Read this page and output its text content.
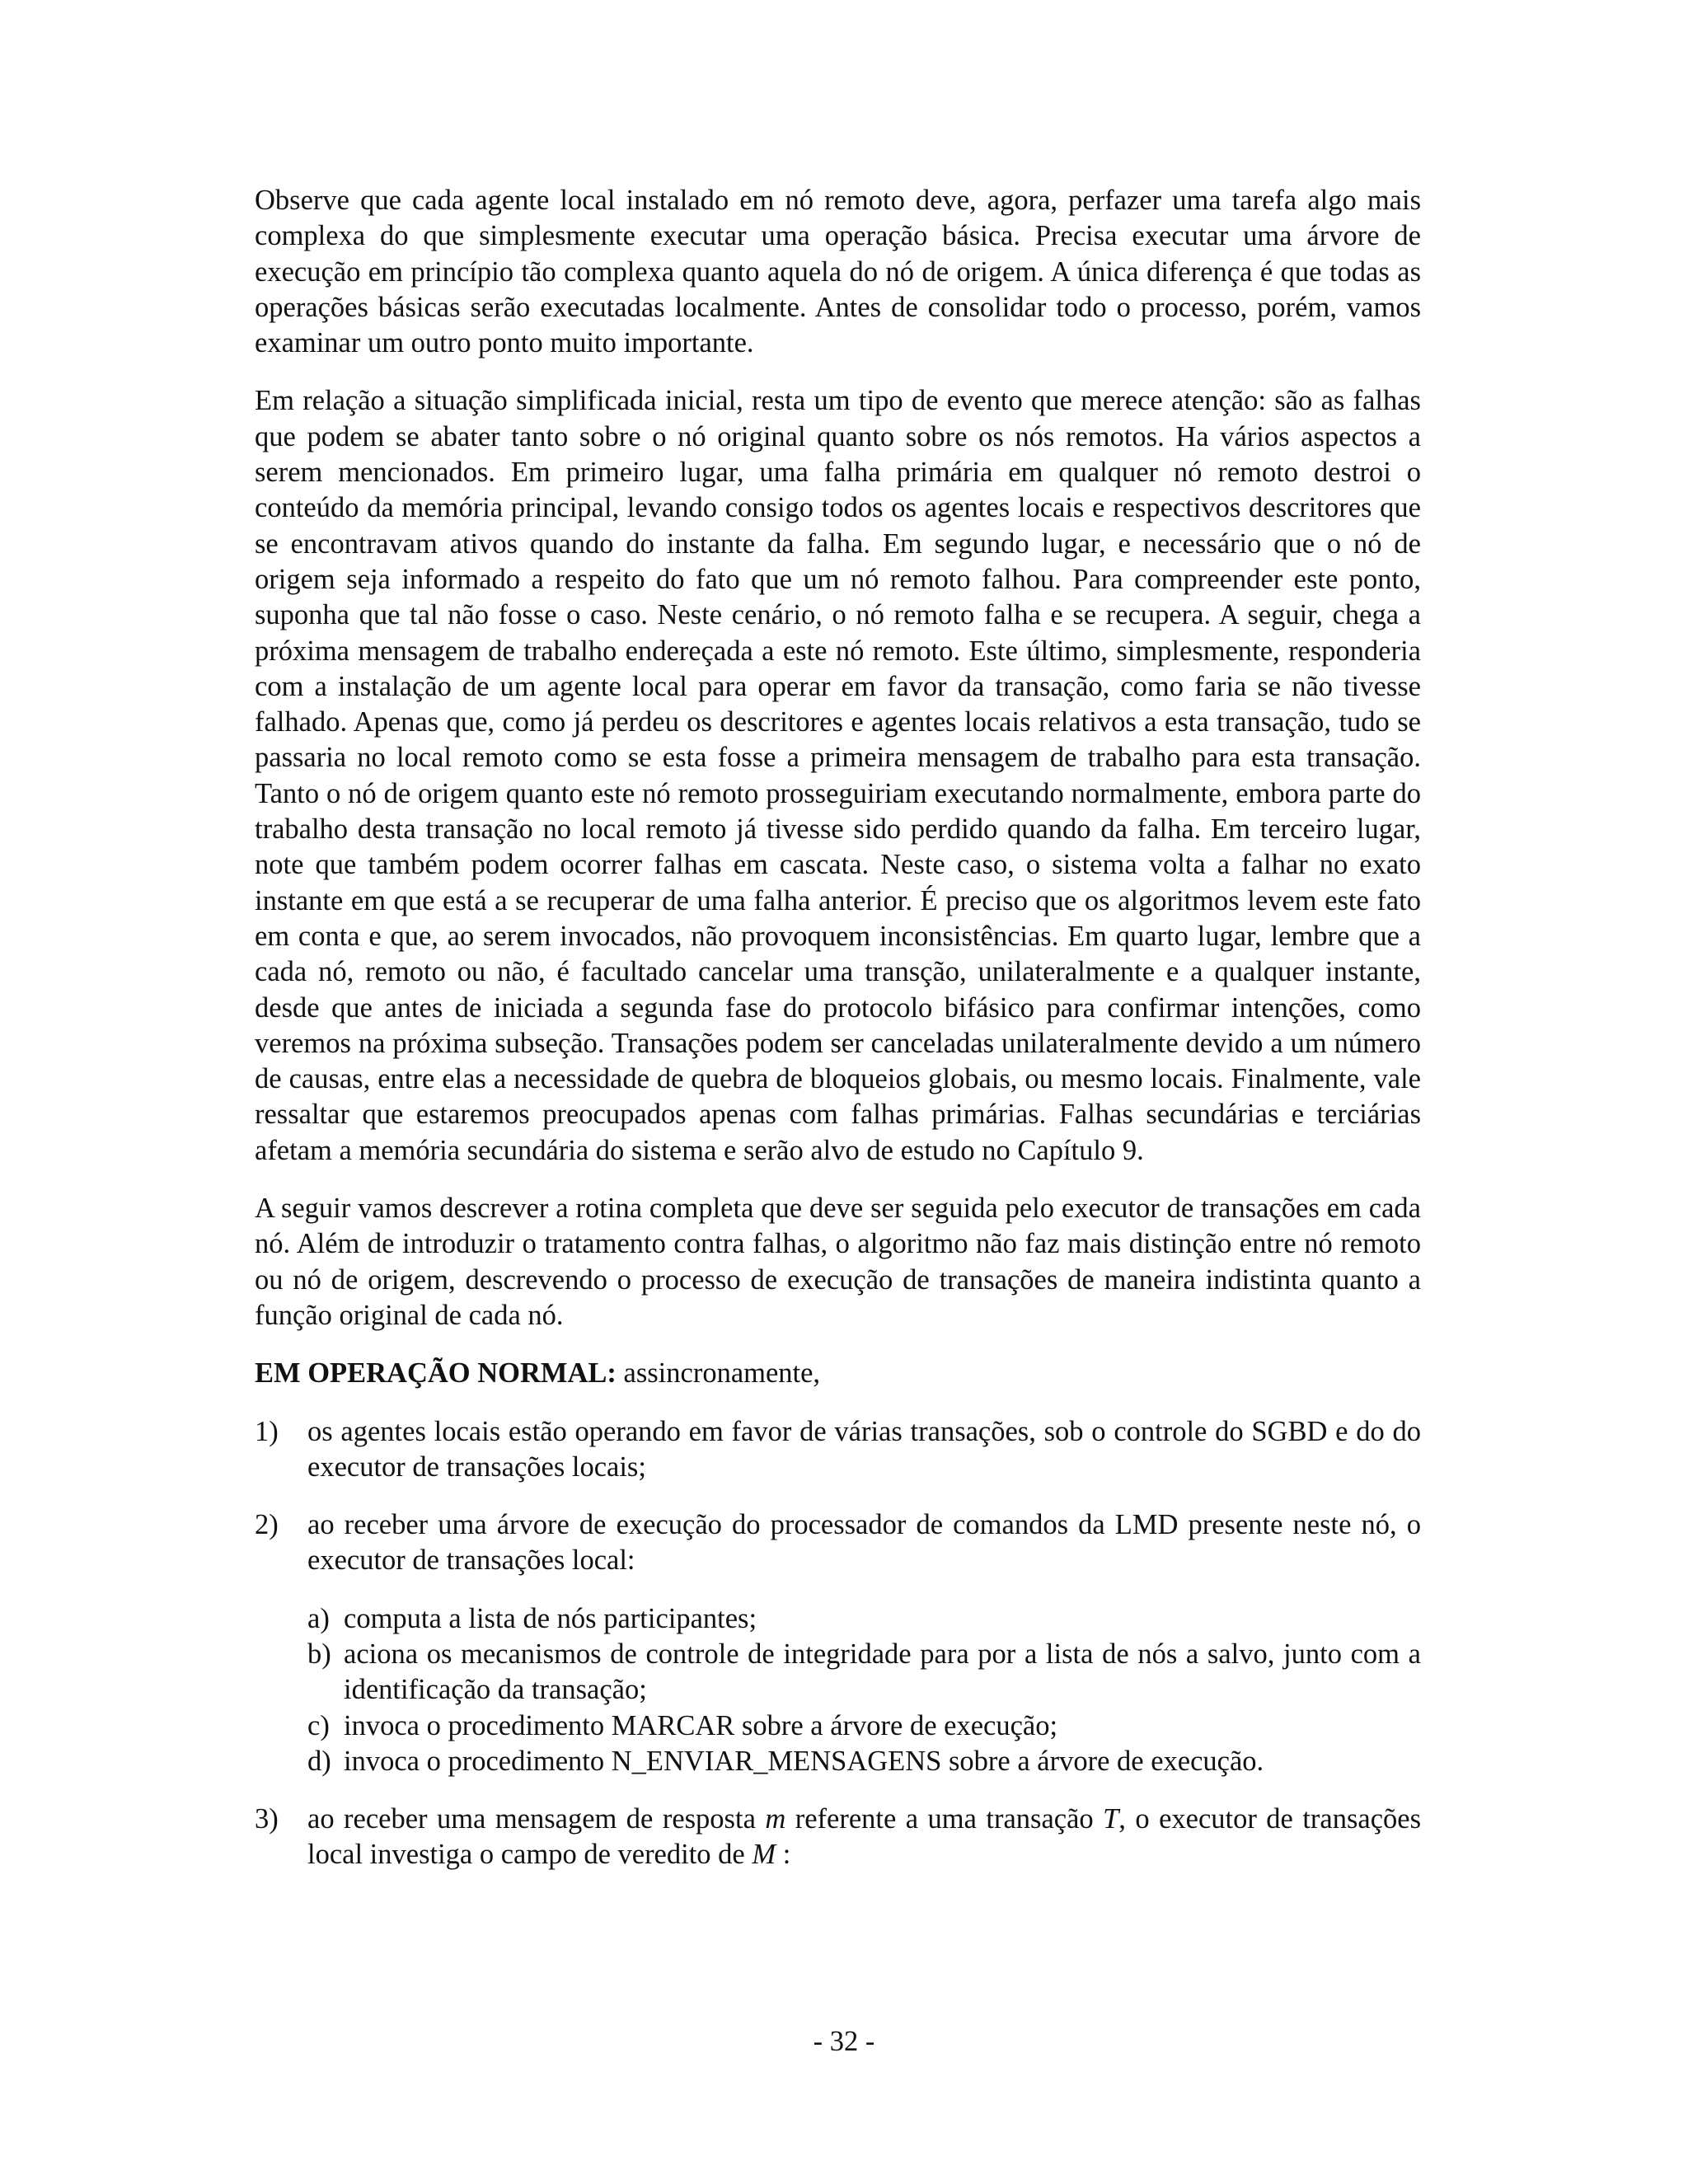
Observe que cada agente local instalado em nó remoto deve, agora, perfazer uma tarefa algo mais complexa do que simplesmente executar uma operação básica. Precisa executar uma árvore de execução em princípio tão complexa quanto aquela do nó de origem. A única diferença é que todas as operações básicas serão executadas localmente. Antes de consolidar todo o processo, porém, vamos examinar um outro ponto muito importante.

Em relação a situação simplificada inicial, resta um tipo de evento que merece atenção: são as falhas que podem se abater tanto sobre o nó original quanto sobre os nós remotos. Ha vários aspectos a serem mencionados. Em primeiro lugar, uma falha primária em qualquer nó remoto destroi o conteúdo da memória principal, levando consigo todos os agentes locais e respectivos descritores que se encontravam ativos quando do instante da falha. Em segundo lugar, e necessário que o nó de origem seja informado a respeito do fato que um nó remoto falhou. Para compreender este ponto, suponha que tal não fosse o caso. Neste cenário, o nó remoto falha e se recupera. A seguir, chega a próxima mensagem de trabalho endereçada a este nó remoto. Este último, simplesmente, responderia com a instalação de um agente local para operar em favor da transação, como faria se não tivesse falhado. Apenas que, como já perdeu os descritores e agentes locais relativos a esta transação, tudo se passaria no local remoto como se esta fosse a primeira mensagem de trabalho para esta transação. Tanto o nó de origem quanto este nó remoto prosseguiriam executando normalmente, embora parte do trabalho desta transação no local remoto já tivesse sido perdido quando da falha. Em terceiro lugar, note que também podem ocorrer falhas em cascata. Neste caso, o sistema volta a falhar no exato instante em que está a se recuperar de uma falha anterior. É preciso que os algoritmos levem este fato em conta e que, ao serem invocados, não provoquem inconsistências. Em quarto lugar, lembre que a cada nó, remoto ou não, é facultado cancelar uma transção, unilateralmente e a qualquer instante, desde que antes de iniciada a segunda fase do protocolo bifásico para confirmar intenções, como veremos na próxima subseção. Transações podem ser canceladas unilateralmente devido a um número de causas, entre elas a necessidade de quebra de bloqueios globais, ou mesmo locais. Finalmente, vale ressaltar que estaremos preocupados apenas com falhas primárias. Falhas secundárias e terciárias afetam a memória secundária do sistema e serão alvo de estudo no Capítulo 9.

A seguir vamos descrever a rotina completa que deve ser seguida pelo executor de transações em cada nó. Além de introduzir o tratamento contra falhas, o algoritmo não faz mais distinção entre nó remoto ou nó de origem, descrevendo o processo de execução de transações de maneira indistinta quanto a função original de cada nó.

EM OPERAÇÃO NORMAL: assincronamente,

1) os agentes locais estão operando em favor de várias transações, sob o controle do SGBD e do do executor de transações locais;
2) ao receber uma árvore de execução do processador de comandos da LMD presente neste nó, o executor de transações local:
a) computa a lista de nós participantes;
b) aciona os mecanismos de controle de integridade para por a lista de nós a salvo, junto com a identificação da transação;
c) invoca o procedimento MARCAR sobre a árvore de execução;
d) invoca o procedimento N_ENVIAR_MENSAGENS sobre a árvore de execução.
3) ao receber uma mensagem de resposta m referente a uma transação T, o executor de transações local investiga o campo de veredito de M :
- 32 -
